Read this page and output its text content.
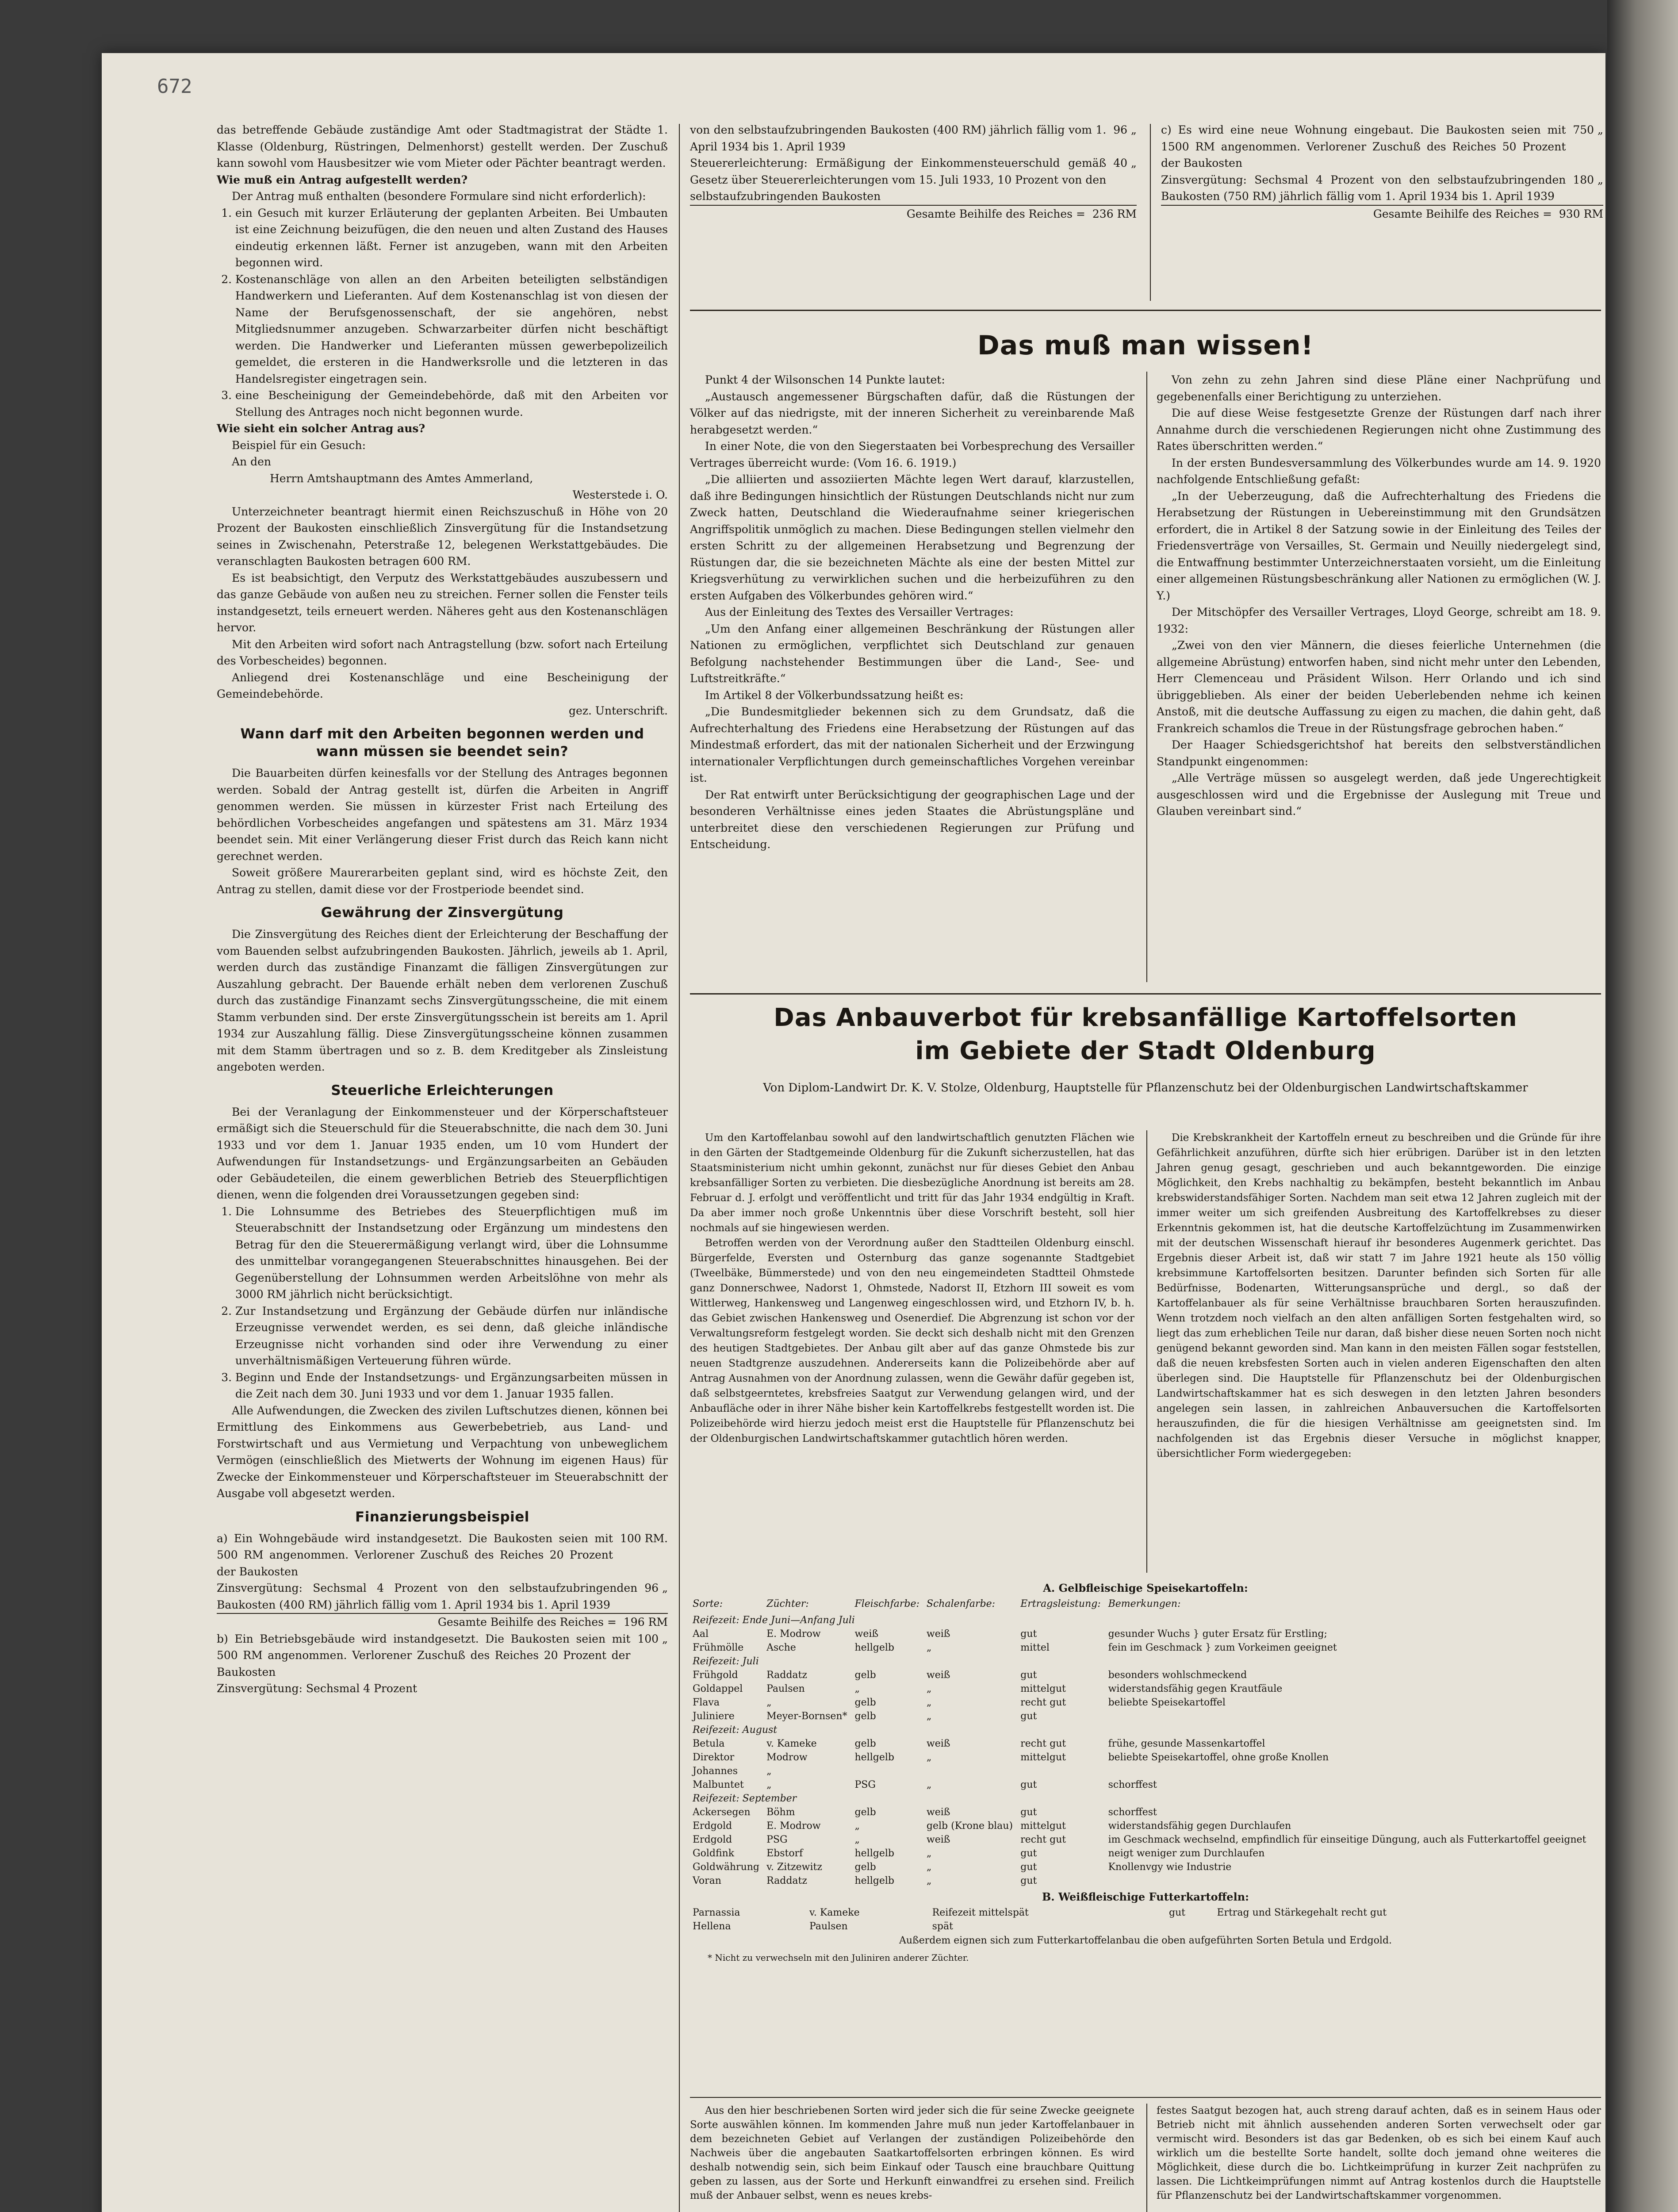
672

das betreffende Gebäude zuständige Amt oder Stadtmagistrat der Städte 1. Klasse (Oldenburg, Rüstringen, Delmenhorst) gestellt werden. Der Zuschuß kann sowohl vom Hausbesitzer wie vom Mieter oder Pächter beantragt werden.

Wie muß ein Antrag aufgestellt werden?

Der Antrag muß enthalten (besondere Formulare sind nicht erforderlich):

1. ein Gesuch mit kurzer Erläuterung der geplanten Arbeiten. Bei Umbauten ist eine Zeichnung beizufügen, die den neuen und alten Zustand des Hauses eindeutig erkennen läßt. Ferner ist anzugeben, wann mit den Arbeiten begonnen wird.
2. Kostenanschläge von allen an den Arbeiten beteiligten selbständigen Handwerkern und Lieferanten. Auf dem Kostenanschlag ist von diesen der Name der Berufsgenossenschaft, der sie angehören, nebst Mitgliedsnummer anzugeben. Schwarzarbeiter dürfen nicht beschäftigt werden. Die Handwerker und Lieferanten müssen gewerbepolizeilich gemeldet, die ersteren in die Handwerksrolle und die letzteren in das Handelsregister eingetragen sein.
3. eine Bescheinigung der Gemeindebehörde, daß mit den Arbeiten vor Stellung des Antrages noch nicht begonnen wurde.

Wie sieht ein solcher Antrag aus?

Beispiel für ein Gesuch:

An den

Herrn Amtshauptmann des Amtes Ammerland,

Westerstede i. O.

Unterzeichneter beantragt hiermit einen Reichszuschuß in Höhe von 20 Prozent der Baukosten einschließlich Zinsvergütung für die Instandsetzung seines in Zwischenahn, Peterstraße 12, belegenen Werkstattgebäudes. Die veranschlagten Baukosten betragen 600 RM.

Es ist beabsichtigt, den Verputz des Werkstattgebäudes auszubessern und das ganze Gebäude von außen neu zu streichen. Ferner sollen die Fenster teils instandgesetzt, teils erneuert werden. Näheres geht aus den Kostenanschlägen hervor.

Mit den Arbeiten wird sofort nach Antragstellung (bzw. sofort nach Erteilung des Vorbescheides) begonnen.

Anliegend drei Kostenanschläge und eine Bescheinigung der Gemeindebehörde.

gez. Unterschrift.

Wann darf mit den Arbeiten begonnen werden und wann müssen sie beendet sein?

Die Bauarbeiten dürfen keinesfalls vor der Stellung des Antrages begonnen werden. Sobald der Antrag gestellt ist, dürfen die Arbeiten in Angriff genommen werden. Sie müssen in kürzester Frist nach Erteilung des behördlichen Vorbescheides angefangen und spätestens am 31. März 1934 beendet sein. Mit einer Verlängerung dieser Frist durch das Reich kann nicht gerechnet werden.

Soweit größere Maurerarbeiten geplant sind, wird es höchste Zeit, den Antrag zu stellen, damit diese vor der Frostperiode beendet sind.

Gewährung der Zinsvergütung

Die Zinsvergütung des Reiches dient der Erleichterung der Beschaffung der vom Bauenden selbst aufzubringenden Baukosten. Jährlich, jeweils ab 1. April, werden durch das zuständige Finanzamt die fälligen Zinsvergütungen zur Auszahlung gebracht. Der Bauende erhält neben dem verlorenen Zuschuß durch das zuständige Finanzamt sechs Zinsvergütungsscheine, die mit einem Stamm verbunden sind. Der erste Zinsvergütungsschein ist bereits am 1. April 1934 zur Auszahlung fällig. Diese Zinsvergütungsscheine können zusammen mit dem Stamm übertragen und so z. B. dem Kreditgeber als Zinsleistung angeboten werden.

Steuerliche Erleichterungen

Bei der Veranlagung der Einkommensteuer und der Körperschaftsteuer ermäßigt sich die Steuerschuld für die Steuerabschnitte, die nach dem 30. Juni 1933 und vor dem 1. Januar 1935 enden, um 10 vom Hundert der Aufwendungen für Instandsetzungs- und Ergänzungsarbeiten an Gebäuden oder Gebäudeteilen, die einem gewerblichen Betrieb des Steuerpflichtigen dienen, wenn die folgenden drei Voraussetzungen gegeben sind:

1. Die Lohnsumme des Betriebes des Steuerpflichtigen muß im Steuerabschnitt der Instandsetzung oder Ergänzung um mindestens den Betrag für den die Steuerermäßigung verlangt wird, über die Lohnsumme des unmittelbar vorangegangenen Steuerabschnittes hinausgehen. Bei der Gegenüberstellung der Lohnsummen werden Arbeitslöhne von mehr als 3000 RM jährlich nicht berücksichtigt.
2. Zur Instandsetzung und Ergänzung der Gebäude dürfen nur inländische Erzeugnisse verwendet werden, es sei denn, daß gleiche inländische Erzeugnisse nicht vorhanden sind oder ihre Verwendung zu einer unverhältnismäßigen Verteuerung führen würde.
3. Beginn und Ende der Instandsetzungs- und Ergänzungsarbeiten müssen in die Zeit nach dem 30. Juni 1933 und vor dem 1. Januar 1935 fallen.

Alle Aufwendungen, die Zwecken des zivilen Luftschutzes dienen, können bei Ermittlung des Einkommens aus Gewerbebetrieb, aus Land- und Forstwirtschaft und aus Vermietung und Verpachtung von unbeweglichem Vermögen (einschließlich des Mietwerts der Wohnung im eigenen Haus) für Zwecke der Einkommensteuer und Körperschaftsteuer im Steuerabschnitt der Ausgabe voll abgesetzt werden.

Finanzierungsbeispiel
a) Ein Wohngebäude wird instandgesetzt. Die Baukosten seien mit 500 RM angenommen. Verlorener Zuschuß des Reiches 20 Prozent der Baukosten
100 RM.
Zinsvergütung: Sechsmal 4 Prozent von den selbstaufzubringenden Baukosten (400 RM) jährlich fällig vom 1. April 1934 bis 1. April 1939
96 „
Gesamte Beihilfe des Reiches = 196 RM
b) Ein Betriebsgebäude wird instandgesetzt. Die Baukosten seien mit 500 RM angenommen. Verlorener Zuschuß des Reiches 20 Prozent der Baukosten
100 „

Zinsvergütung: Sechsmal 4 Prozent

von den selbstaufzubringenden Baukosten (400 RM) jährlich fällig vom 1. April 1934 bis 1. April 1939
96 „
Steuererleichterung: Ermäßigung der Einkommensteuerschuld gemäß Gesetz über Steuererleichterungen vom 15. Juli 1933, 10 Prozent von den selbstaufzubringenden Baukosten
40 „
Gesamte Beihilfe des Reiches = 236 RM
c) Es wird eine neue Wohnung eingebaut. Die Baukosten seien mit 1500 RM angenommen. Verlorener Zuschuß des Reiches 50 Prozent der Baukosten
750 „
Zinsvergütung: Sechsmal 4 Prozent von den selbstaufzubringenden Baukosten (750 RM) jährlich fällig vom 1. April 1934 bis 1. April 1939
180 „
Gesamte Beihilfe des Reiches = 930 RM
Das muß man wissen!

Punkt 4 der Wilsonschen 14 Punkte lautet:

„Austausch angemessener Bürgschaften dafür, daß die Rüstungen der Völker auf das niedrigste, mit der inneren Sicherheit zu vereinbarende Maß herabgesetzt werden.“

In einer Note, die von den Siegerstaaten bei Vorbesprechung des Versailler Vertrages überreicht wurde: (Vom 16. 6. 1919.)

„Die alliierten und assoziierten Mächte legen Wert darauf, klarzustellen, daß ihre Bedingungen hinsichtlich der Rüstungen Deutschlands nicht nur zum Zweck hatten, Deutschland die Wiederaufnahme seiner kriegerischen Angriffspolitik unmöglich zu machen. Diese Bedingungen stellen vielmehr den ersten Schritt zu der allgemeinen Herabsetzung und Begrenzung der Rüstungen dar, die sie bezeichneten Mächte als eine der besten Mittel zur Kriegsverhütung zu verwirklichen suchen und die herbeizuführen zu den ersten Aufgaben des Völkerbundes gehören wird.“

Aus der Einleitung des Textes des Versailler Vertrages:

„Um den Anfang einer allgemeinen Beschränkung der Rüstungen aller Nationen zu ermöglichen, verpflichtet sich Deutschland zur genauen Befolgung nachstehender Bestimmungen über die Land-, See- und Luftstreitkräfte.“

Im Artikel 8 der Völkerbundssatzung heißt es:

„Die Bundesmitglieder bekennen sich zu dem Grundsatz, daß die Aufrechterhaltung des Friedens eine Herabsetzung der Rüstungen auf das Mindestmaß erfordert, das mit der nationalen Sicherheit und der Erzwingung internationaler Verpflichtungen durch gemeinschaftliches Vorgehen vereinbar ist.

Der Rat entwirft unter Berücksichtigung der geographischen Lage und der besonderen Verhältnisse eines jeden Staates die Abrüstungspläne und unterbreitet diese den verschiedenen Regierungen zur Prüfung und Entscheidung.

Von zehn zu zehn Jahren sind diese Pläne einer Nachprüfung und gegebenenfalls einer Berichtigung zu unterziehen.

Die auf diese Weise festgesetzte Grenze der Rüstungen darf nach ihrer Annahme durch die verschiedenen Regierungen nicht ohne Zustimmung des Rates überschritten werden.“

In der ersten Bundesversammlung des Völkerbundes wurde am 14. 9. 1920 nachfolgende Entschließung gefaßt:

„In der Ueberzeugung, daß die Aufrechterhaltung des Friedens die Herabsetzung der Rüstungen in Uebereinstimmung mit den Grundsätzen erfordert, die in Artikel 8 der Satzung sowie in der Einleitung des Teiles der Friedensverträge von Versailles, St. Germain und Neuilly niedergelegt sind, die Entwaffnung bestimmter Unterzeichnerstaaten vorsieht, um die Einleitung einer allgemeinen Rüstungsbeschränkung aller Nationen zu ermöglichen (W. J. Y.)

Der Mitschöpfer des Versailler Vertrages, Lloyd George, schreibt am 18. 9. 1932:

„Zwei von den vier Männern, die dieses feierliche Unternehmen (die allgemeine Abrüstung) entworfen haben, sind nicht mehr unter den Lebenden, Herr Clemenceau und Präsident Wilson. Herr Orlando und ich sind übriggeblieben. Als einer der beiden Ueberlebenden nehme ich keinen Anstoß, mit die deutsche Auffassung zu eigen zu machen, die dahin geht, daß Frankreich schamlos die Treue in der Rüstungsfrage gebrochen haben.“

Der Haager Schiedsgerichtshof hat bereits den selbstverständlichen Standpunkt eingenommen:

„Alle Verträge müssen so ausgelegt werden, daß jede Ungerechtigkeit ausgeschlossen wird und die Ergebnisse der Auslegung mit Treue und Glauben vereinbart sind.“

Das Anbauverbot für krebsanfällige Kartoffelsorten
im Gebiete der Stadt Oldenburg
Von Diplom-Landwirt Dr. K. V. Stolze, Oldenburg, Hauptstelle für Pflanzenschutz bei der Oldenburgischen Landwirtschaftskammer

Um den Kartoffelanbau sowohl auf den landwirtschaftlich genutzten Flächen wie in den Gärten der Stadtgemeinde Oldenburg für die Zukunft sicherzustellen, hat das Staatsministerium nicht umhin gekonnt, zunächst nur für dieses Gebiet den Anbau krebsanfälliger Sorten zu verbieten. Die diesbezügliche Anordnung ist bereits am 28. Februar d. J. erfolgt und veröffentlicht und tritt für das Jahr 1934 endgültig in Kraft. Da aber immer noch große Unkenntnis über diese Vorschrift besteht, soll hier nochmals auf sie hingewiesen werden.

Betroffen werden von der Verordnung außer den Stadtteilen Oldenburg einschl. Bürgerfelde, Eversten und Osternburg das ganze sogenannte Stadtgebiet (Tweelbäke, Bümmerstede) und von den neu eingemeindeten Stadtteil Ohmstede ganz Donnerschwee, Nadorst 1, Ohmstede, Nadorst II, Etzhorn III soweit es vom Wittlerweg, Hankensweg und Langenweg eingeschlossen wird, und Etzhorn IV, b. h. das Gebiet zwischen Hankensweg und Osenerdief. Die Abgrenzung ist schon vor der Verwaltungsreform festgelegt worden. Sie deckt sich deshalb nicht mit den Grenzen des heutigen Stadtgebietes. Der Anbau gilt aber auf das ganze Ohmstede bis zur neuen Stadtgrenze auszudehnen. Andererseits kann die Polizeibehörde aber auf Antrag Ausnahmen von der Anordnung zulassen, wenn die Gewähr dafür gegeben ist, daß selbstgeerntetes, krebsfreies Saatgut zur Verwendung gelangen wird, und der Anbaufläche oder in ihrer Nähe bisher kein Kartoffelkrebs festgestellt worden ist. Die Polizeibehörde wird hierzu jedoch meist erst die Hauptstelle für Pflanzenschutz bei der Oldenburgischen Landwirtschaftskammer gutachtlich hören werden.

Die Krebskrankheit der Kartoffeln erneut zu beschreiben und die Gründe für ihre Gefährlichkeit anzuführen, dürfte sich hier erübrigen. Darüber ist in den letzten Jahren genug gesagt, geschrieben und auch bekanntgeworden. Die einzige Möglichkeit, den Krebs nachhaltig zu bekämpfen, besteht bekanntlich im Anbau krebswiderstandsfähiger Sorten. Nachdem man seit etwa 12 Jahren zugleich mit der immer weiter um sich greifenden Ausbreitung des Kartoffelkrebses zu dieser Erkenntnis gekommen ist, hat die deutsche Kartoffelzüchtung im Zusammenwirken mit der deutschen Wissenschaft hierauf ihr besonderes Augenmerk gerichtet. Das Ergebnis dieser Arbeit ist, daß wir statt 7 im Jahre 1921 heute als 150 völlig krebsimmune Kartoffelsorten besitzen. Darunter befinden sich Sorten für alle Bedürfnisse, Bodenarten, Witterungsansprüche und dergl., so daß der Kartoffelanbauer als für seine Verhältnisse brauchbaren Sorten herauszufinden. Wenn trotzdem noch vielfach an den alten anfälligen Sorten festgehalten wird, so liegt das zum erheblichen Teile nur daran, daß bisher diese neuen Sorten noch nicht genügend bekannt geworden sind. Man kann in den meisten Fällen sogar feststellen, daß die neuen krebsfesten Sorten auch in vielen anderen Eigenschaften den alten überlegen sind. Die Hauptstelle für Pflanzenschutz bei der Oldenburgischen Landwirtschaftskammer hat es sich deswegen in den letzten Jahren besonders angelegen sein lassen, in zahlreichen Anbauversuchen die Kartoffelsorten herauszufinden, die für die hiesigen Verhältnisse am geeignetsten sind. Im nachfolgenden ist das Ergebnis dieser Versuche in möglichst knapper, übersichtlicher Form wiedergegeben:

A. Gelbfleischige Speisekartoffeln:
Sorte:	Züchter:	Fleischfarbe:	Schalenfarbe:	Ertragsleistung:	Bemerkungen:
Reifezeit: Ende Juni—Anfang Juli					
Aal	E. Modrow	weiß	weiß	gut	gesunder Wuchs } guter Ersatz für Erstling;
Frühmölle	Asche	hellgelb	„	mittel	fein im Geschmack } zum Vorkeimen geeignet
Reifezeit: Juli					
Frühgold	Raddatz	gelb	weiß	gut	besonders wohlschmeckend
Goldappel	Paulsen	„	„	mittelgut	widerstandsfähig gegen Krautfäule
Flava	„	gelb	„	recht gut	beliebte Speisekartoffel
Juliniere	Meyer-Bornsen*	gelb	„	gut	
Reifezeit: August					
Betula	v. Kameke	gelb	weiß	recht gut	frühe, gesunde Massenkartoffel
Direktor	Modrow	hellgelb	„	mittelgut	beliebte Speisekartoffel, ohne große Knollen
Johannes	„				
Malbuntet	„	PSG	„	gut	schorffest
Reifezeit: September					
Ackersegen	Böhm	gelb	weiß	gut	schorffest
Erdgold	E. Modrow	„	gelb (Krone blau)	mittelgut	widerstandsfähig gegen Durchlaufen
Erdgold	PSG	„	weiß	recht gut	im Geschmack wechselnd, empfindlich für einseitige Düngung, auch als Futterkartoffel geeignet
Goldfink	Ebstorf	hellgelb	„	gut	neigt weniger zum Durchlaufen
Goldwährung	v. Zitzewitz	gelb	„	gut	Knollenvgy wie Industrie
Voran	Raddatz	hellgelb	„	gut	
B. Weißfleischige Futterkartoffeln:
Parnassia	v. Kameke	Reifezeit mittelspät		gut	Ertrag und Stärkegehalt recht gut
Hellena	Paulsen	spät			
Außerdem eignen sich zum Futterkartoffelanbau die oben aufgeführten Sorten Betula und Erdgold.
* Nicht zu verwechseln mit den Juliniren anderer Züchter.

Aus den hier beschriebenen Sorten wird jeder sich die für seine Zwecke geeignete Sorte auswählen können. Im kommenden Jahre muß nun jeder Kartoffelanbauer in dem bezeichneten Gebiet auf Verlangen der zuständigen Polizeibehörde den Nachweis über die angebauten Saatkartoffelsorten erbringen können. Es wird deshalb notwendig sein, sich beim Einkauf oder Tausch eine brauchbare Quittung geben zu lassen, aus der Sorte und Herkunft einwandfrei zu ersehen sind. Freilich muß der Anbauer selbst, wenn es neues krebs-

festes Saatgut bezogen hat, auch streng darauf achten, daß es in seinem Haus oder Betrieb nicht mit ähnlich aussehenden anderen Sorten verwechselt oder gar vermischt wird. Besonders ist das gar Bedenken, ob es sich bei einem Kauf auch wirklich um die bestellte Sorte handelt, sollte doch jemand ohne weiteres die Möglichkeit, diese durch die bo. Lichtkeimprüfung in kurzer Zeit nachprüfen zu lassen. Die Lichtkeimprüfungen nimmt auf Antrag kostenlos durch die Hauptstelle für Pflanzenschutz bei der Landwirtschaftskammer vorgenommen.
